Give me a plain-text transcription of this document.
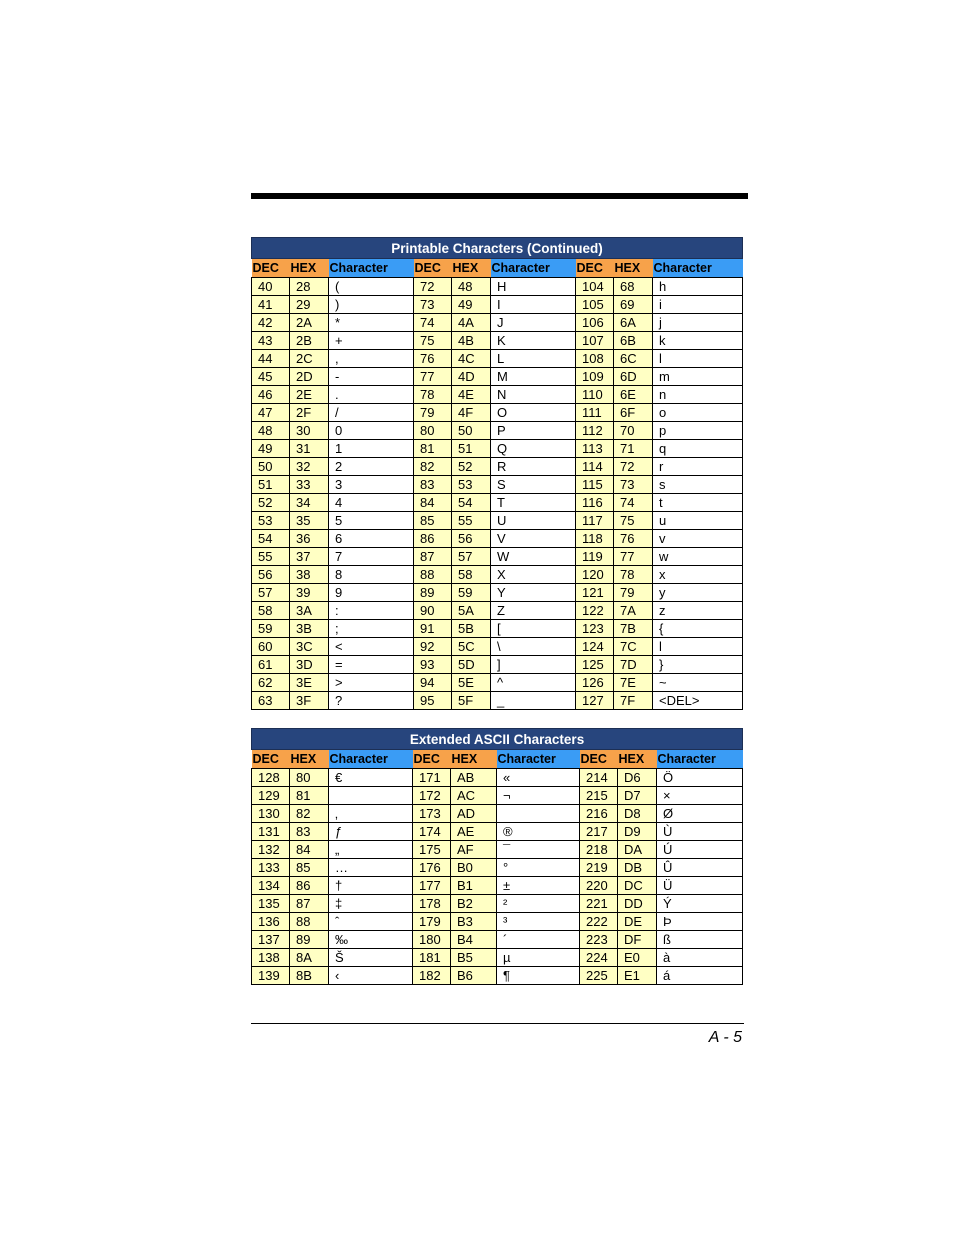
Printable Characters (Continued)								
DEC	HEX	Character	DEC	HEX	Character	DEC	HEX	Character
40	28	(	72	48	H	104	68	h
41	29	)	73	49	I	105	69	i
42	2A	*	74	4A	J	106	6A	j
43	2B	+	75	4B	K	107	6B	k
44	2C	,	76	4C	L	108	6C	l
45	2D	-	77	4D	M	109	6D	m
46	2E	.	78	4E	N	110	6E	n
47	2F	/	79	4F	O	111	6F	o
48	30	0	80	50	P	112	70	p
49	31	1	81	51	Q	113	71	q
50	32	2	82	52	R	114	72	r
51	33	3	83	53	S	115	73	s
52	34	4	84	54	T	116	74	t
53	35	5	85	55	U	117	75	u
54	36	6	86	56	V	118	76	v
55	37	7	87	57	W	119	77	w
56	38	8	88	58	X	120	78	x
57	39	9	89	59	Y	121	79	y
58	3A	:	90	5A	Z	122	7A	z
59	3B	;	91	5B	[	123	7B	{
60	3C	<	92	5C	\	124	7C	l
61	3D	=	93	5D	]	125	7D	}
62	3E	>	94	5E	^	126	7E	~
63	3F	?	95	5F	_	127	7F	<DEL>
Extended ASCII Characters								
DEC	HEX	Character	DEC	HEX	Character	DEC	HEX	Character
128	80	€	171	AB	«	214	D6	Ö
129	81		172	AC	¬	215	D7	×
130	82	‚	173	AD		216	D8	Ø
131	83	ƒ	174	AE	®	217	D9	Ù
132	84	„	175	AF	¯	218	DA	Ú
133	85	…	176	B0	°	219	DB	Û
134	86	†	177	B1	±	220	DC	Ü
135	87	‡	178	B2	²	221	DD	Ý
136	88	ˆ	179	B3	³	222	DE	Þ
137	89	‰	180	B4	´	223	DF	ß
138	8A	Š	181	B5	µ	224	E0	à
139	8B	‹	182	B6	¶	225	E1	á
A - 5
